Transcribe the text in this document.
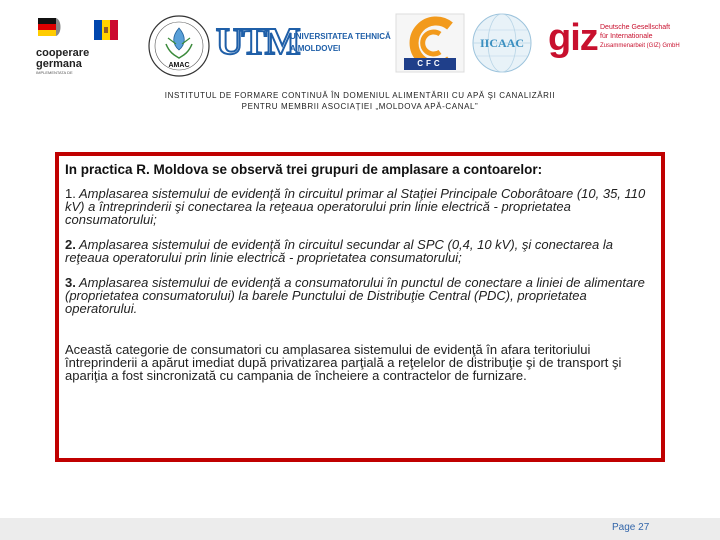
cooperare
germana
IMPLEMENTATA DE
AMAC
UTM
UNIVERSITATEA TEHNICĂ
A MOLDOVEI
CFC
IICAAC giz Deutsche Gesellschaft
für Internationale
Zusammenarbeit (GIZ) GmbH
INSTITUTUL DE FORMARE CONTINUĂ ÎN DOMENIUL ALIMENTĂRII CU APĂ ŞI CANALIZĂRII
PENTRU MEMBRII ASOCIAȚIEI „MOLDOVA APĂ-CANAL”
In practica R. Moldova se observă trei grupuri de amplasare a contoarelor:
1. Amplasarea sistemului de evidenţă în circuitul primar al Staţiei Principale Coborâtoare (10, 35, 110 kV) a întreprinderii şi conectarea la reţeaua operatorului prin linie electrică - proprietatea consumatorului;
2. Amplasarea sistemului de evidenţă în circuitul secundar al SPC (0,4, 10 kV), şi conectarea la reţeaua operatorului prin linie electrică - proprietatea consumatorului;
3. Amplasarea sistemului de evidenţă a consumatorului în punctul de conectare a liniei de alimentare (proprietatea consumatorului) la barele Punctului de Distribuţie Central (PDC), proprietatea operatorului.
Această categorie de consumatori cu amplasarea sistemului de evidenţă în afara teritoriului întreprinderii a apărut imediat după privatizarea parţială a reţelelor de distribuţie şi de transport şi apariţia a fost sincronizată cu campania de încheiere a contractelor de furnizare.
Page 27
